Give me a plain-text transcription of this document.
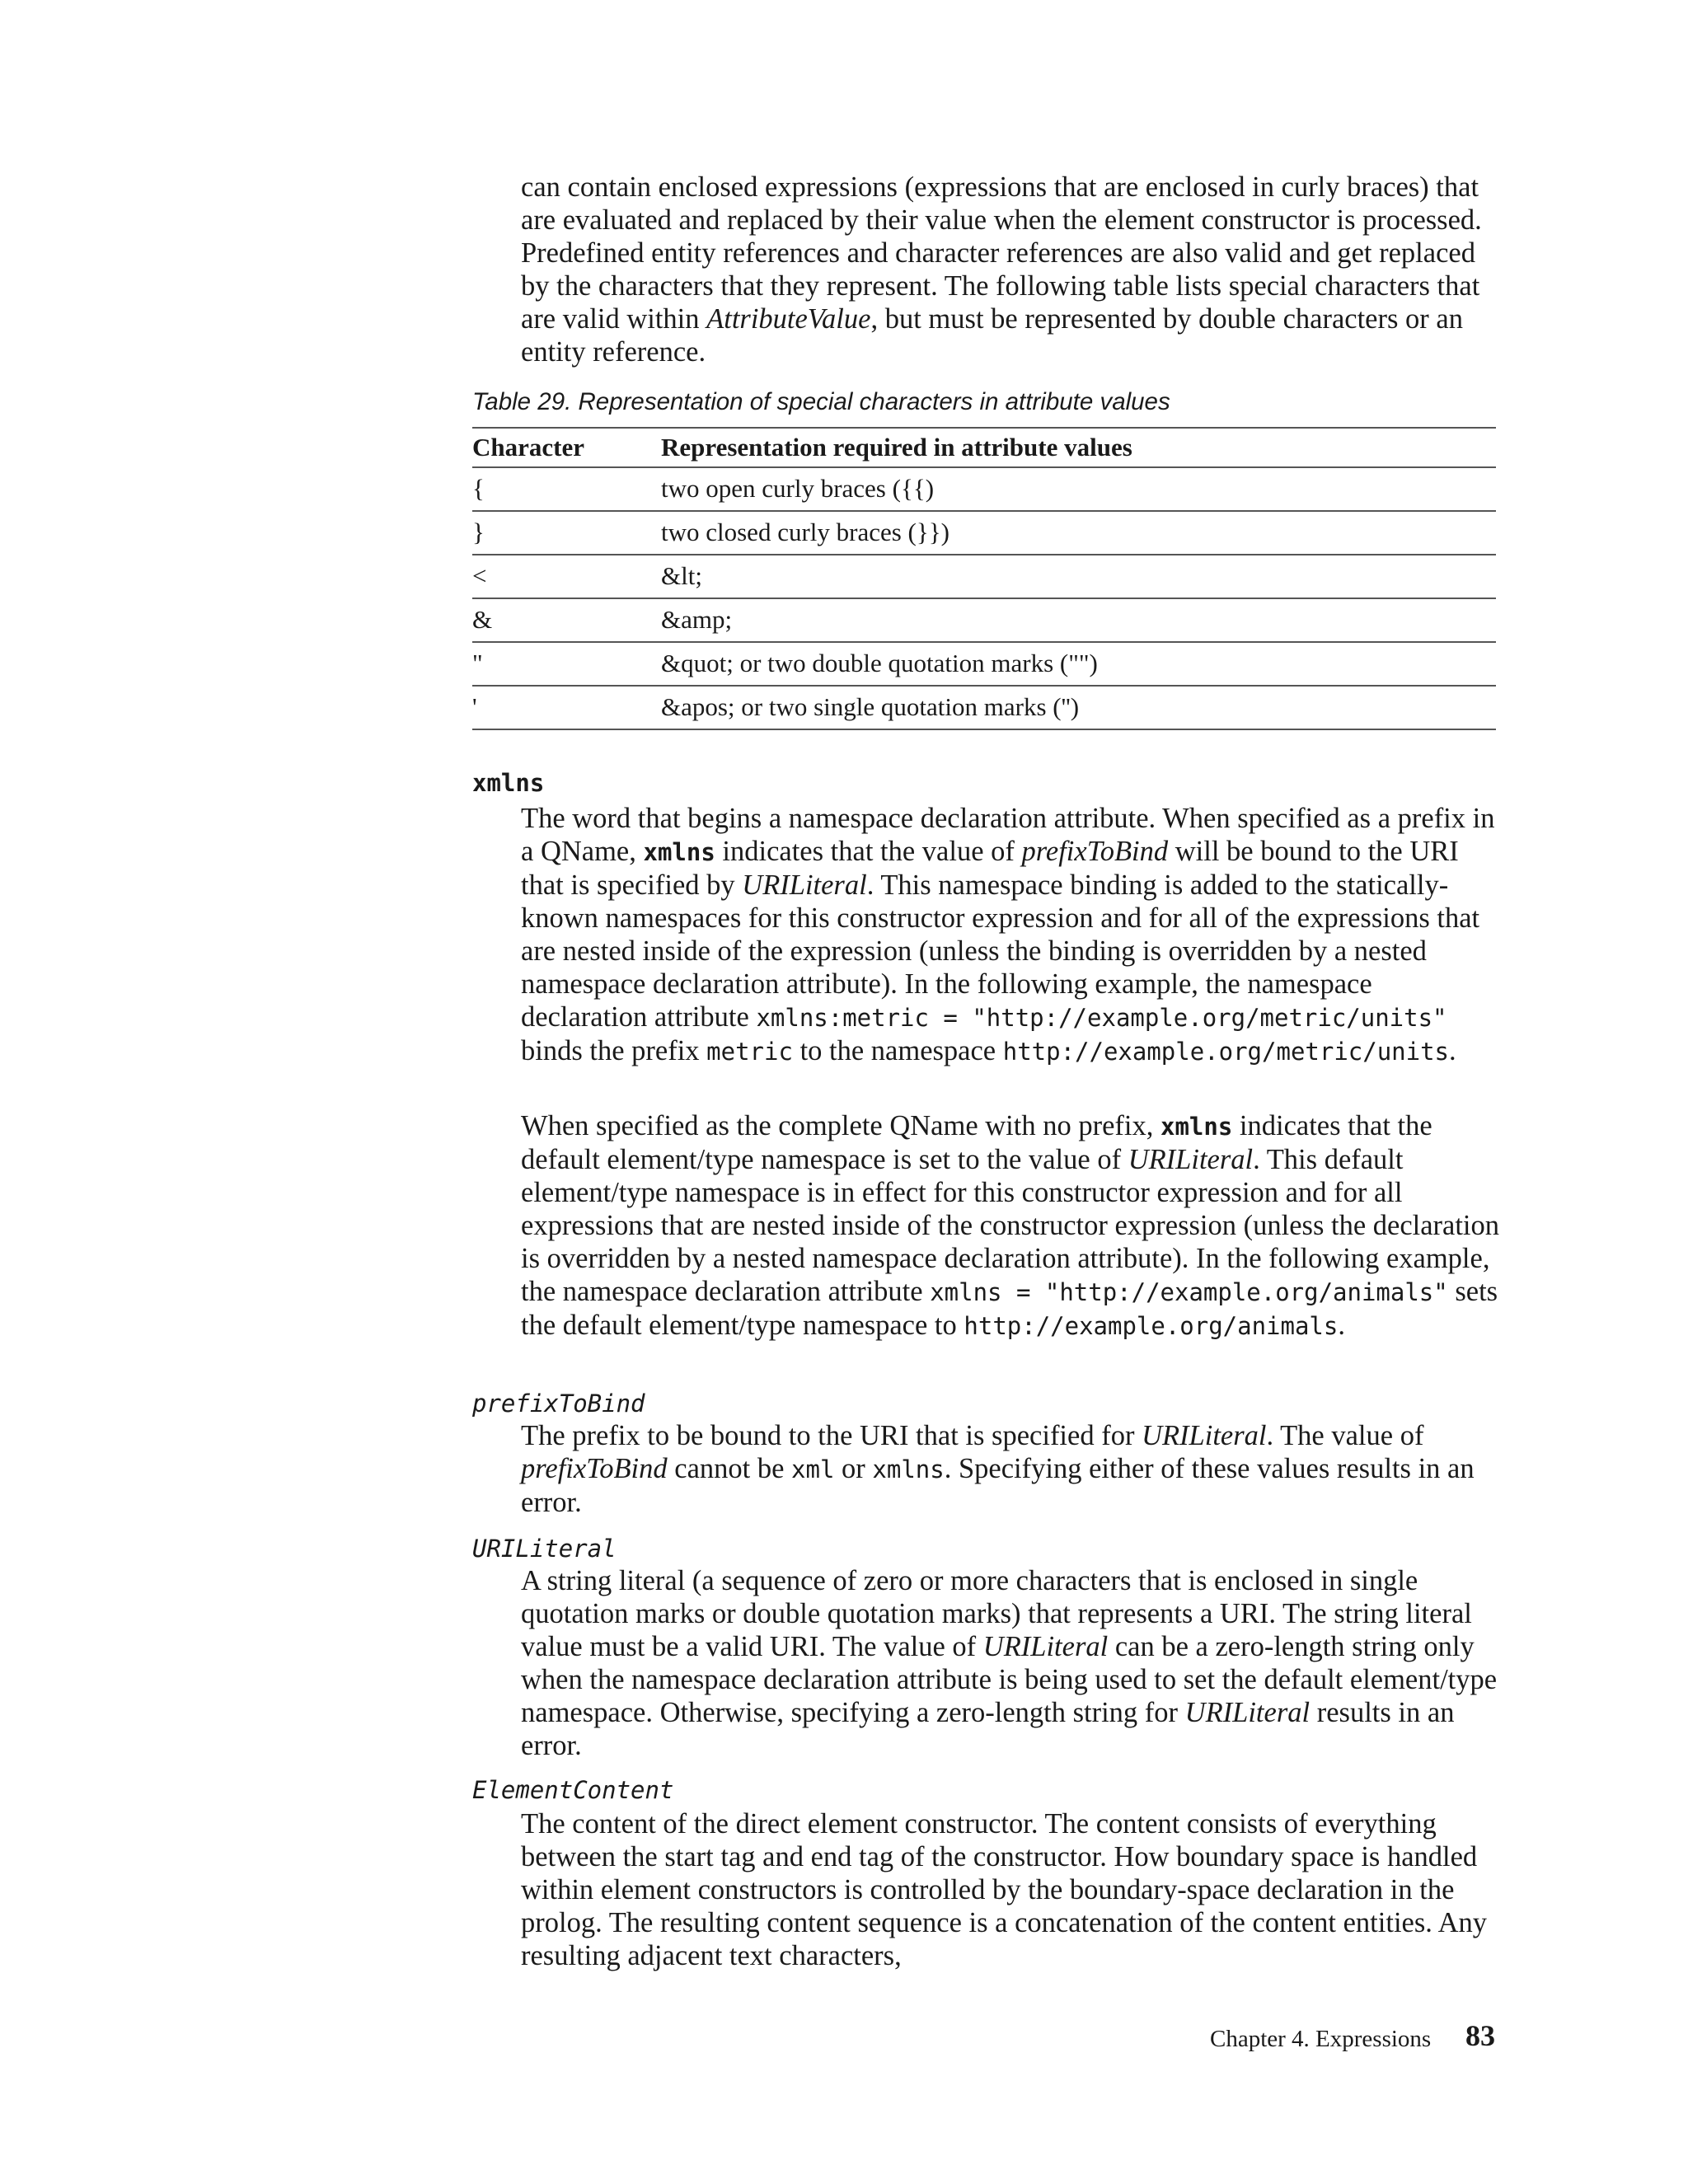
can contain enclosed expressions (expressions that are enclosed in curly braces) that are evaluated and replaced by their value when the element constructor is processed. Predefined entity references and character references are also valid and get replaced by the characters that they represent. The following table lists special characters that are valid within AttributeValue, but must be represented by double characters or an entity reference.

Table 29. Representation of special characters in attribute values

Character	Representation required in attribute values
{	two open curly braces ({{)
}	two closed curly braces (}})
<	&lt;
&	&amp;
"	&quot; or two double quotation marks ("")
'	&apos; or two single quotation marks ('')
xmlns

The word that begins a namespace declaration attribute. When specified as a prefix in a QName, xmlns indicates that the value of prefixToBind will be bound to the URI that is specified by URILiteral. This namespace binding is added to the statically-known namespaces for this constructor expression and for all of the expressions that are nested inside of the expression (unless the binding is overridden by a nested namespace declaration attribute). In the following example, the namespace declaration attribute xmlns:metric = "http://example.org/metric/units" binds the prefix metric to the namespace http://example.org/metric/units.

When specified as the complete QName with no prefix, xmlns indicates that the default element/type namespace is set to the value of URILiteral. This default element/type namespace is in effect for this constructor expression and for all expressions that are nested inside of the constructor expression (unless the declaration is overridden by a nested namespace declaration attribute). In the following example, the namespace declaration attribute xmlns = "http://example.org/animals" sets the default element/type namespace to http://example.org/animals.

prefixToBind

The prefix to be bound to the URI that is specified for URILiteral. The value of prefixToBind cannot be xml or xmlns. Specifying either of these values results in an error.

URILiteral

A string literal (a sequence of zero or more characters that is enclosed in single quotation marks or double quotation marks) that represents a URI. The string literal value must be a valid URI. The value of URILiteral can be a zero-length string only when the namespace declaration attribute is being used to set the default element/type namespace. Otherwise, specifying a zero-length string for URILiteral results in an error.

ElementContent

The content of the direct element constructor. The content consists of everything between the start tag and end tag of the constructor. How boundary space is handled within element constructors is controlled by the boundary-space declaration in the prolog. The resulting content sequence is a concatenation of the content entities. Any resulting adjacent text characters,

Chapter 4. Expressions 83
